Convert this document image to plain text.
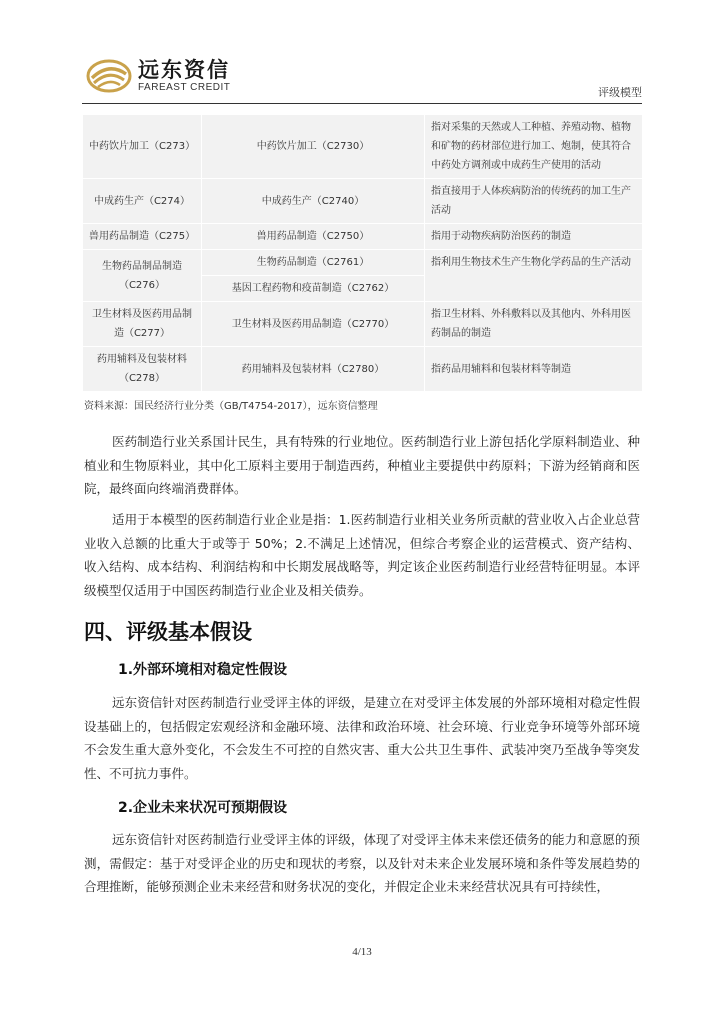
远东资信
FAREAST CREDIT	评级模型
中药饮片加工（C273）	中药饮片加工（C2730）	指对采集的天然或人工种植、养殖动物、植物和矿物的药材部位进行加工、炮制，使其符合中药处方调剂或中成药生产使用的活动
中成药生产（C274）	中成药生产（C2740）	指直接用于人体疾病防治的传统药的加工生产活动
兽用药品制造（C275）	兽用药品制造（C2750）	指用于动物疾病防治医药的制造
生物药品制品制造（C276）	生物药品制造（C2761）	指利用生物技术生产生物化学药品的生产活动
	基因工程药物和疫苗制造（C2762）	
卫生材料及医药用品制造（C277）	卫生材料及医药用品制造（C2770）	指卫生材料、外科敷料以及其他内、外科用医药制品的制造
药用辅料及包装材料（C278）	药用辅料及包装材料（C2780）	指药品用辅料和包装材料等制造
资料来源：国民经济行业分类（GB/T4754-2017），远东资信整理

医药制造行业关系国计民生，具有特殊的行业地位。医药制造行业上游包括化学原料制造业、种植业和生物原料业，其中化工原料主要用于制造西药，种植业主要提供中药原料；下游为经销商和医院，最终面向终端消费群体。

适用于本模型的医药制造行业企业是指：1.医药制造行业相关业务所贡献的营业收入占企业总营业收入总额的比重大于或等于 50%；2.不满足上述情况，但综合考察企业的运营模式、资产结构、收入结构、成本结构、利润结构和中长期发展战略等，判定该企业医药制造行业经营特征明显。本评级模型仅适用于中国医药制造行业企业及相关债券。

四、评级基本假设
1.外部环境相对稳定性假设

远东资信针对医药制造行业受评主体的评级，是建立在对受评主体发展的外部环境相对稳定性假设基础上的，包括假定宏观经济和金融环境、法律和政治环境、社会环境、行业竞争环境等外部环境不会发生重大意外变化，不会发生不可控的自然灾害、重大公共卫生事件、武装冲突乃至战争等突发性、不可抗力事件。

2.企业未来状况可预期假设

远东资信针对医药制造行业受评主体的评级，体现了对受评主体未来偿还债务的能力和意愿的预测，需假定：基于对受评企业的历史和现状的考察，以及针对未来企业发展环境和条件等发展趋势的合理推断，能够预测企业未来经营和财务状况的变化，并假定企业未来经营状况具有可持续性，

4/13
